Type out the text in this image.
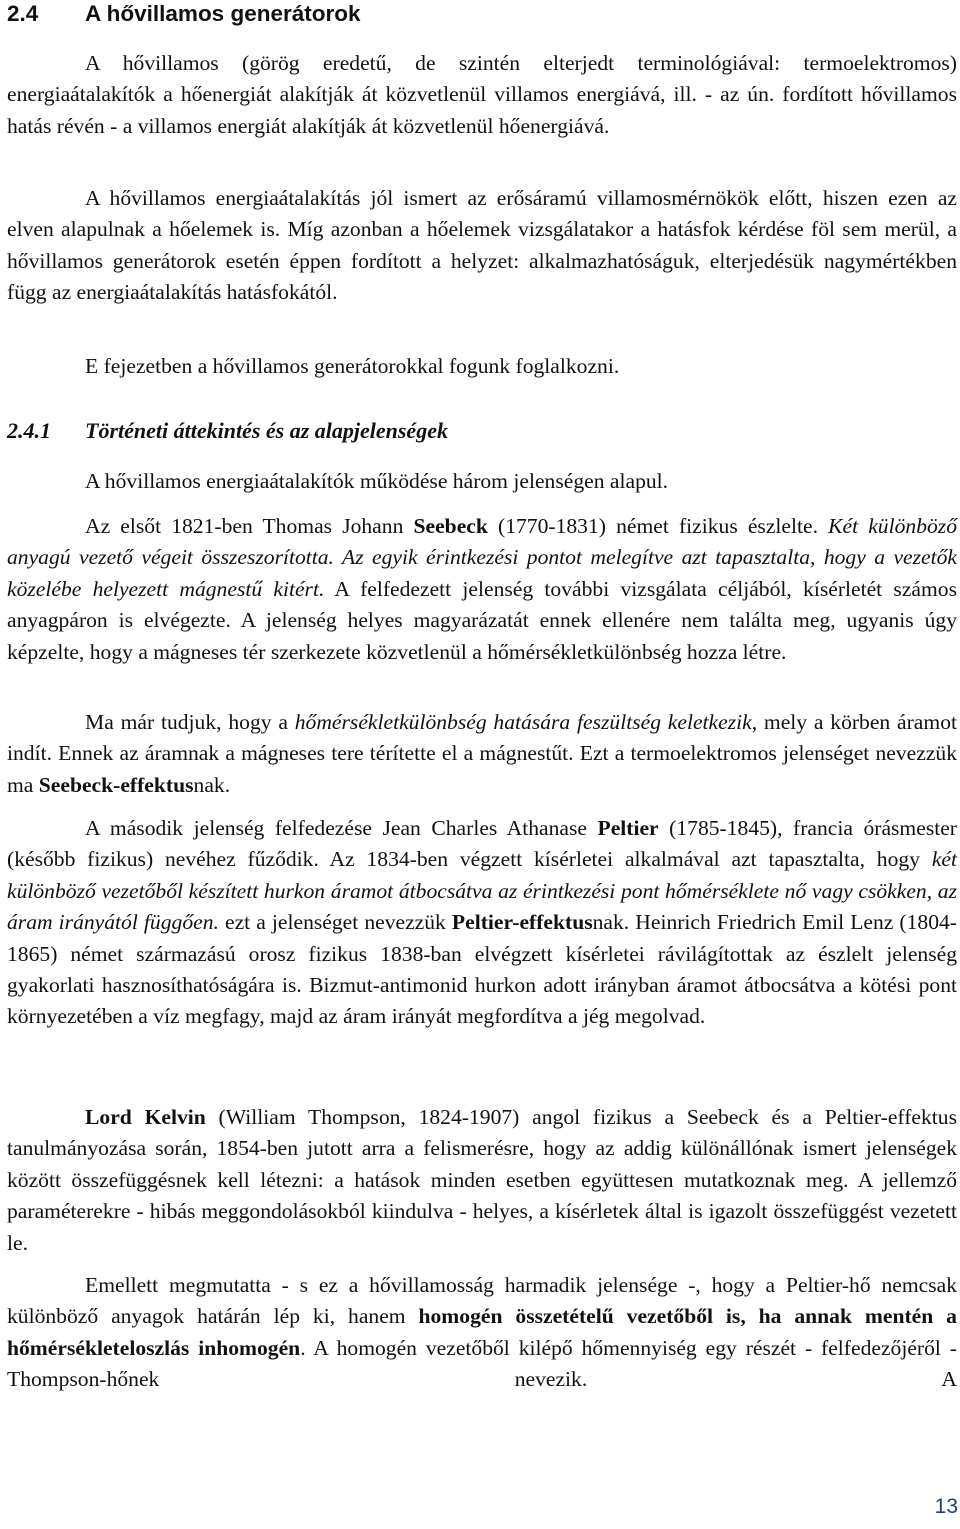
2.4 A hővillamos generátorok

A hővillamos (görög eredetű, de szintén elterjedt terminológiával: termoelektromos) energiaátalakítók a hőenergiát alakítják át közvetlenül villamos energiává, ill. - az ún. fordított hővillamos hatás révén - a villamos energiát alakítják át közvetlenül hőenergiává.

A hővillamos energiaátalakítás jól ismert az erősáramú villamosmérnökök előtt, hiszen ezen az elven alapulnak a hőelemek is. Míg azonban a hőelemek vizsgálatakor a hatásfok kérdése föl sem merül, a hővillamos generátorok esetén éppen fordított a helyzet: alkalmazhatóságuk, elterjedésük nagymértékben függ az energiaátalakítás hatásfokától.

E fejezetben a hővillamos generátorokkal fogunk foglalkozni.

2.4.1 Történeti áttekintés és az alapjelenségek

A hővillamos energiaátalakítók működése három jelenségen alapul.

Az elsőt 1821-ben Thomas Johann Seebeck (1770-1831) német fizikus észlelte. Két különböző anyagú vezető végeit összeszorította. Az egyik érintkezési pontot melegítve azt tapasztalta, hogy a vezetők közelébe helyezett mágnestű kitért. A felfedezett jelenség további vizsgálata céljából, kísérletét számos anyagpáron is elvégezte. A jelenség helyes magyarázatát ennek ellenére nem találta meg, ugyanis úgy képzelte, hogy a mágneses tér szerkezete közvetlenül a hőmérsékletkülönbség hozza létre.

Ma már tudjuk, hogy a hőmérsékletkülönbség hatására feszültség keletkezik, mely a körben áramot indít. Ennek az áramnak a mágneses tere térítette el a mágnestűt. Ezt a termoelektromos jelenséget nevezzük ma Seebeck-effektusnak.

A második jelenség felfedezése Jean Charles Athanase Peltier (1785-1845), francia órásmester (később fizikus) nevéhez fűződik. Az 1834-ben végzett kísérletei alkalmával azt tapasztalta, hogy két különböző vezetőből készített hurkon áramot átbocsátva az érintkezési pont hőmérséklete nő vagy csökken, az áram irányától függően. ezt a jelenséget nevezzük Peltier-effektusnak. Heinrich Friedrich Emil Lenz (1804-1865) német származású orosz fizikus 1838-ban elvégzett kísérletei rávilágítottak az észlelt jelenség gyakorlati hasznosíthatóságára is. Bizmut-antimonid hurkon adott irányban áramot átbocsátva a kötési pont környezetében a víz megfagy, majd az áram irányát megfordítva a jég megolvad.

Lord Kelvin (William Thompson, 1824-1907) angol fizikus a Seebeck és a Peltier-effektus tanulmányozása során, 1854-ben jutott arra a felismerésre, hogy az addig különállónak ismert jelenségek között összefüggésnek kell létezni: a hatások minden esetben együttesen mutatkoznak meg. A jellemző paraméterekre - hibás meggondolásokból kiindulva - helyes, a kísérletek által is igazolt összefüggést vezetett le.

Emellett megmutatta - s ez a hővillamosság harmadik jelensége -, hogy a Peltier-hő nemcsak különböző anyagok határán lép ki, hanem homogén összetételű vezetőből is, ha annak mentén a hőmérsékleteloszlás inhomogén. A homogén vezetőből kilépő hőmennyiség egy részét - felfedezőjéről - Thompson-hőnek nevezik. A

13
